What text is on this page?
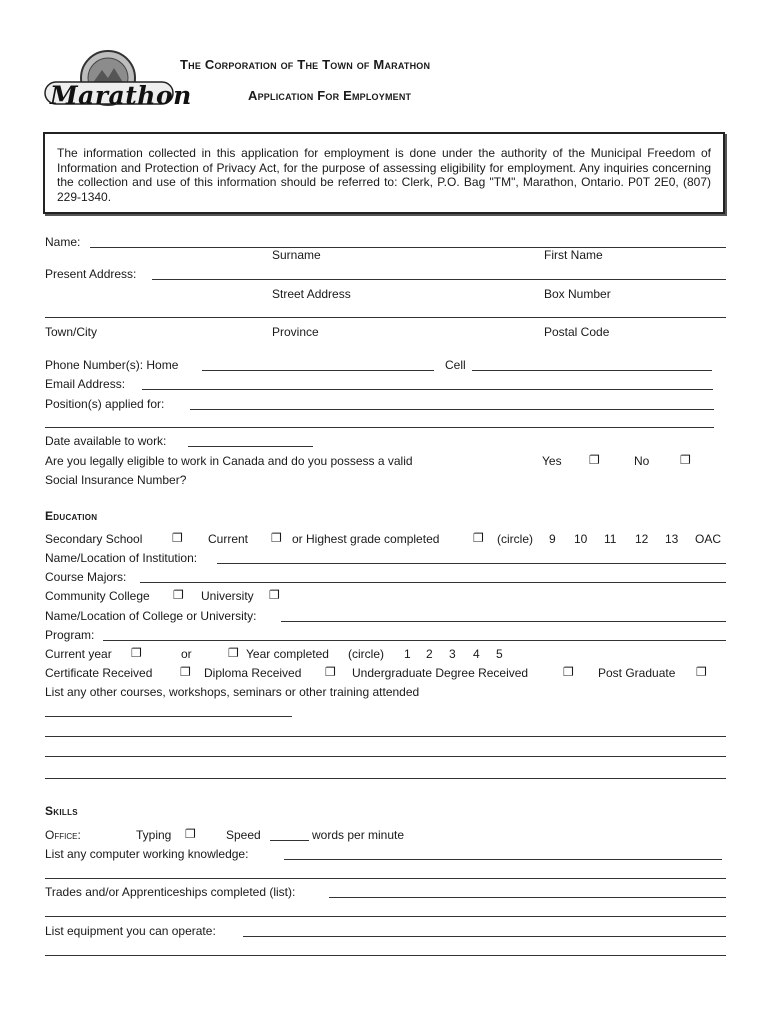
Marathon
The Corporation of The Town of Marathon
Application For Employment

The information collected in this application for employment is done under the authority of the Municipal Freedom of Information and Protection of Privacy Act, for the purpose of assessing eligibility for employment. Any inquiries concerning the collection and use of this information should be referred to: Clerk, P.O. Bag "TM", Marathon, Ontario. P0T 2E0, (807) 229-1340.

Name:
Surname	First Name
Present Address:
Street Address	Box Number
Town/City	Province	Postal Code
Phone Number(s): Home	Cell
Email Address:
Position(s) applied for:
Date available to work:
Are you legally eligible to work in Canada and do you possess a valid
Social Insurance Number?
Yes ❐	No	❐
Education
Secondary School ❐ Current ❐ or Highest grade completed	❐ (circle) 9 10 11 12 13 OAC
Name/Location of Institution:
Course Majors:
Community College ❐ University ❐
Name/Location of College or University:
Program:
Current year ❐	or	❐ Year completed (circle) 1 2 3 4 5
Certificate Received ❐ Diploma Received ❐ Undergraduate Degree Received	❐ Post Graduate ❐
List any other courses, workshops, seminars or other training attended
Skills
Office:	Typing ❐	Speed	words per minute
List any computer working knowledge:
Trades and/or Apprenticeships completed (list):
List equipment you can operate:
